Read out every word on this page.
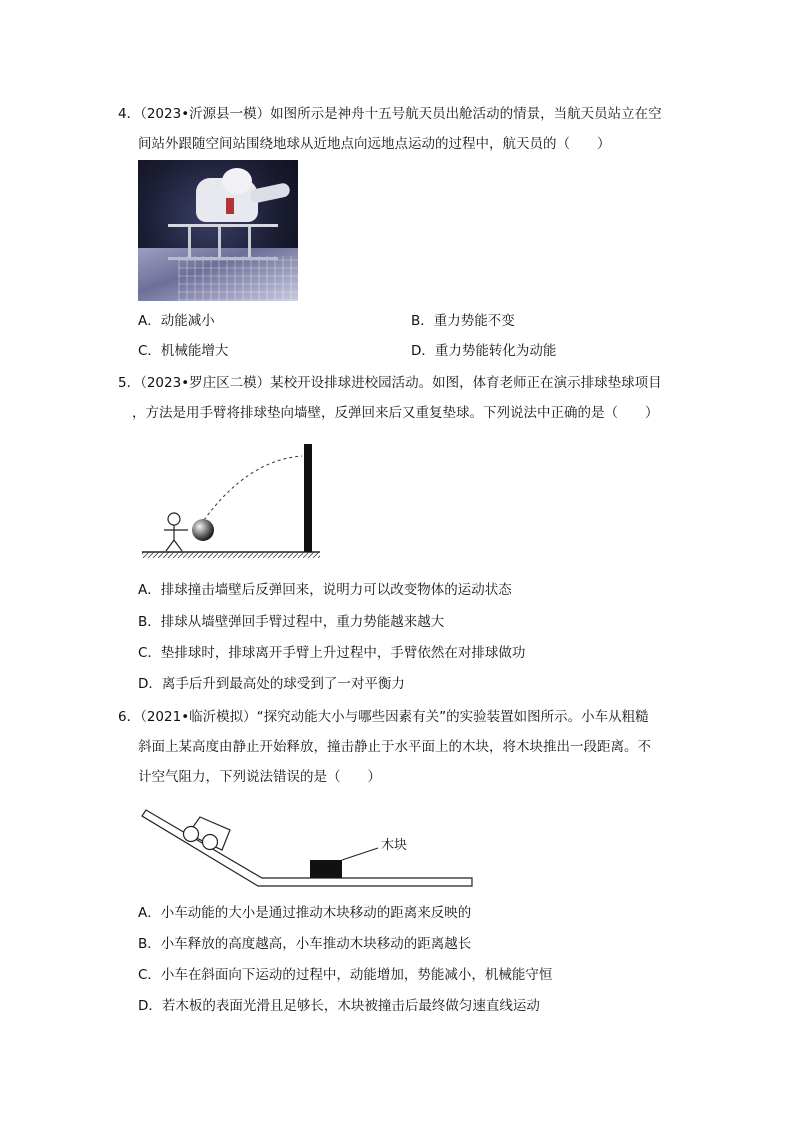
4．（2023•沂源县一模）如图所示是神舟十五号航天员出舱活动的情景，当航天员站立在空
间站外跟随空间站围绕地球从近地点向远地点运动的过程中，航天员的（　　）
A．动能减小	B．重力势能不变
C．机械能增大	D．重力势能转化为动能
5．（2023•罗庄区二模）某校开设排球进校园活动。如图，体育老师正在演示排球垫球项目
，方法是用手臂将排球垫向墙壁，反弹回来后又重复垫球。下列说法中正确的是（　　）
A．排球撞击墙壁后反弹回来，说明力可以改变物体的运动状态
B．排球从墙壁弹回手臂过程中，重力势能越来越大
C．垫排球时，排球离开手臂上升过程中，手臂依然在对排球做功
D．离手后升到最高处的球受到了一对平衡力
6．（2021•临沂模拟）“探究动能大小与哪些因素有关”的实验装置如图所示。小车从粗糙
斜面上某高度由静止开始释放，撞击静止于水平面上的木块，将木块推出一段距离。不
计空气阻力，下列说法错误的是（　　）
木块
A．小车动能的大小是通过推动木块移动的距离来反映的
B．小车释放的高度越高，小车推动木块移动的距离越长
C．小车在斜面向下运动的过程中，动能增加，势能减小，机械能守恒
D．若木板的表面光滑且足够长，木块被撞击后最终做匀速直线运动
